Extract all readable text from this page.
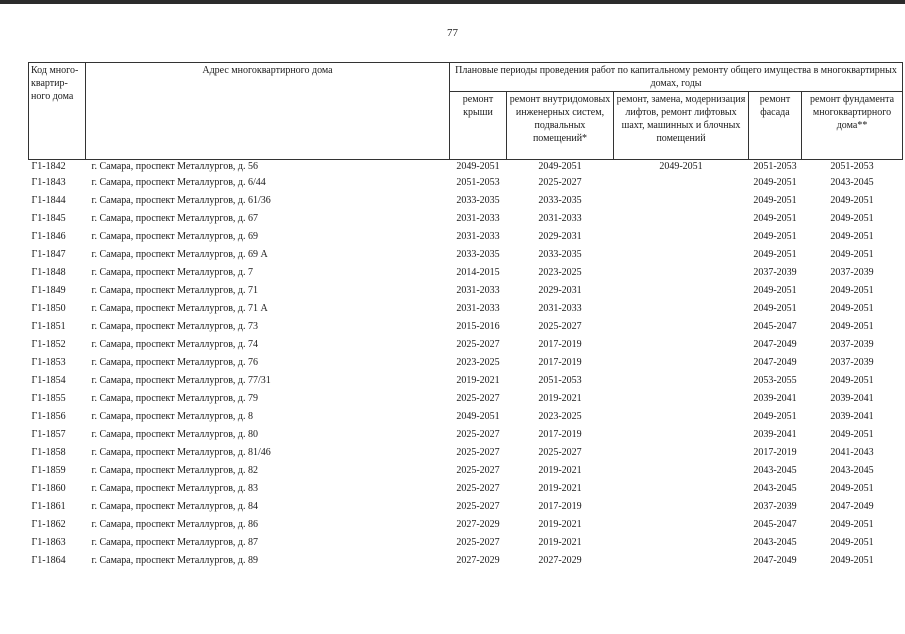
77
Код много-квартир-ного дома	Адрес многоквартирного дома	Плановые периоды проведения работ по капитальному ремонту общего имущества в многоквартирных домах, годы				
		ремонт крыши	ремонт внутридомовых инженерных систем, подвальных помещений*	ремонт, замена, модернизация лифтов, ремонт лифтовых шахт, машинных и блочных помещений	ремонт фасада	ремонт фундамента многоквартирного дома**
Г1-1842	г. Самара, проспект Металлургов, д. 56	2049-2051	2049-2051	2049-2051	2051-2053	2051-2053
Г1-1843	г. Самара, проспект Металлургов, д. 6/44	2051-2053	2025-2027		2049-2051	2043-2045
Г1-1844	г. Самара, проспект Металлургов, д. 61/36	2033-2035	2033-2035		2049-2051	2049-2051
Г1-1845	г. Самара, проспект Металлургов, д. 67	2031-2033	2031-2033		2049-2051	2049-2051
Г1-1846	г. Самара, проспект Металлургов, д. 69	2031-2033	2029-2031		2049-2051	2049-2051
Г1-1847	г. Самара, проспект Металлургов, д. 69 А	2033-2035	2033-2035		2049-2051	2049-2051
Г1-1848	г. Самара, проспект Металлургов, д. 7	2014-2015	2023-2025		2037-2039	2037-2039
Г1-1849	г. Самара, проспект Металлургов, д. 71	2031-2033	2029-2031		2049-2051	2049-2051
Г1-1850	г. Самара, проспект Металлургов, д. 71 А	2031-2033	2031-2033		2049-2051	2049-2051
Г1-1851	г. Самара, проспект Металлургов, д. 73	2015-2016	2025-2027		2045-2047	2049-2051
Г1-1852	г. Самара, проспект Металлургов, д. 74	2025-2027	2017-2019		2047-2049	2037-2039
Г1-1853	г. Самара, проспект Металлургов, д. 76	2023-2025	2017-2019		2047-2049	2037-2039
Г1-1854	г. Самара, проспект Металлургов, д. 77/31	2019-2021	2051-2053		2053-2055	2049-2051
Г1-1855	г. Самара, проспект Металлургов, д. 79	2025-2027	2019-2021		2039-2041	2039-2041
Г1-1856	г. Самара, проспект Металлургов, д. 8	2049-2051	2023-2025		2049-2051	2039-2041
Г1-1857	г. Самара, проспект Металлургов, д. 80	2025-2027	2017-2019		2039-2041	2049-2051
Г1-1858	г. Самара, проспект Металлургов, д. 81/46	2025-2027	2025-2027		2017-2019	2041-2043
Г1-1859	г. Самара, проспект Металлургов, д. 82	2025-2027	2019-2021		2043-2045	2043-2045
Г1-1860	г. Самара, проспект Металлургов, д. 83	2025-2027	2019-2021		2043-2045	2049-2051
Г1-1861	г. Самара, проспект Металлургов, д. 84	2025-2027	2017-2019		2037-2039	2047-2049
Г1-1862	г. Самара, проспект Металлургов, д. 86	2027-2029	2019-2021		2045-2047	2049-2051
Г1-1863	г. Самара, проспект Металлургов, д. 87	2025-2027	2019-2021		2043-2045	2049-2051
Г1-1864	г. Самара, проспект Металлургов, д. 89	2027-2029	2027-2029		2047-2049	2049-2051
